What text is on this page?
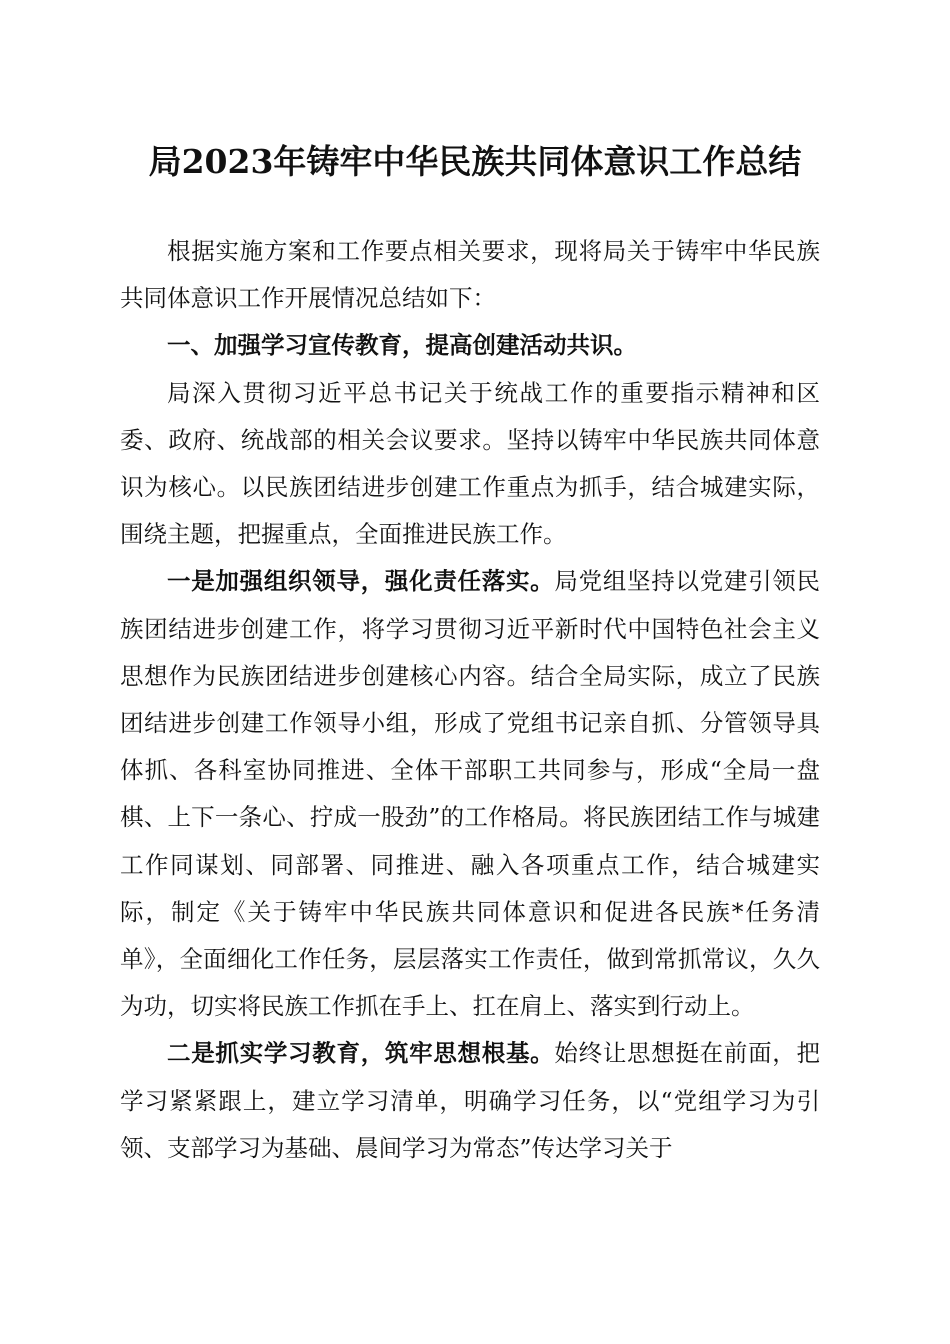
局2023年铸牢中华民族共同体意识工作总结

根据实施方案和工作要点相关要求，现将局关于铸牢中华民族共同体意识工作开展情况总结如下：

一、加强学习宣传教育，提高创建活动共识。

局深入贯彻习近平总书记关于统战工作的重要指示精神和区委、政府、统战部的相关会议要求。坚持以铸牢中华民族共同体意识为核心。以民族团结进步创建工作重点为抓手，结合城建实际，围绕主题，把握重点，全面推进民族工作。

一是加强组织领导，强化责任落实。局党组坚持以党建引领民族团结进步创建工作，将学习贯彻习近平新时代中国特色社会主义思想作为民族团结进步创建核心内容。结合全局实际，成立了民族团结进步创建工作领导小组，形成了党组书记亲自抓、分管领导具体抓、各科室协同推进、全体干部职工共同参与，形成“全局一盘棋、上下一条心、拧成一股劲”的工作格局。将民族团结工作与城建工作同谋划、同部署、同推进、融入各项重点工作，结合城建实际，制定《关于铸牢中华民族共同体意识和促进各民族*任务清单》，全面细化工作任务，层层落实工作责任，做到常抓常议，久久为功，切实将民族工作抓在手上、扛在肩上、落实到行动上。

二是抓实学习教育，筑牢思想根基。始终让思想挺在前面，把学习紧紧跟上，建立学习清单，明确学习任务，以“党组学习为引领、支部学习为基础、晨间学习为常态”传达学习关于
